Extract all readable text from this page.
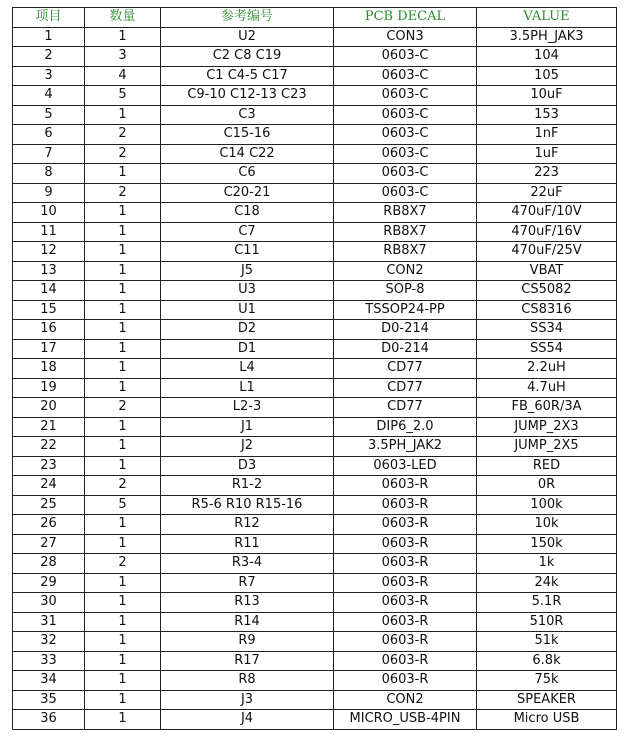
项目	数量	参考编号	PCB DECAL	VALUE
1	1	U2	CON3	3.5PH_JAK3
2	3	C2 C8 C19	0603-C	104
3	4	C1 C4-5 C17	0603-C	105
4	5	C9-10 C12-13 C23	0603-C	10uF
5	1	C3	0603-C	153
6	2	C15-16	0603-C	1nF
7	2	C14 C22	0603-C	1uF
8	1	C6	0603-C	223
9	2	C20-21	0603-C	22uF
10	1	C18	RB8X7	470uF/10V
11	1	C7	RB8X7	470uF/16V
12	1	C11	RB8X7	470uF/25V
13	1	J5	CON2	VBAT
14	1	U3	SOP-8	CS5082
15	1	U1	TSSOP24-PP	CS8316
16	1	D2	D0-214	SS34
17	1	D1	D0-214	SS54
18	1	L4	CD77	2.2uH
19	1	L1	CD77	4.7uH
20	2	L2-3	CD77	FB_60R/3A
21	1	J1	DIP6_2.0	JUMP_2X3
22	1	J2	3.5PH_JAK2	JUMP_2X5
23	1	D3	0603-LED	RED
24	2	R1-2	0603-R	0R
25	5	R5-6 R10 R15-16	0603-R	100k
26	1	R12	0603-R	10k
27	1	R11	0603-R	150k
28	2	R3-4	0603-R	1k
29	1	R7	0603-R	24k
30	1	R13	0603-R	5.1R
31	1	R14	0603-R	510R
32	1	R9	0603-R	51k
33	1	R17	0603-R	6.8k
34	1	R8	0603-R	75k
35	1	J3	CON2	SPEAKER
36	1	J4	MICRO_USB-4PIN	Micro USB
